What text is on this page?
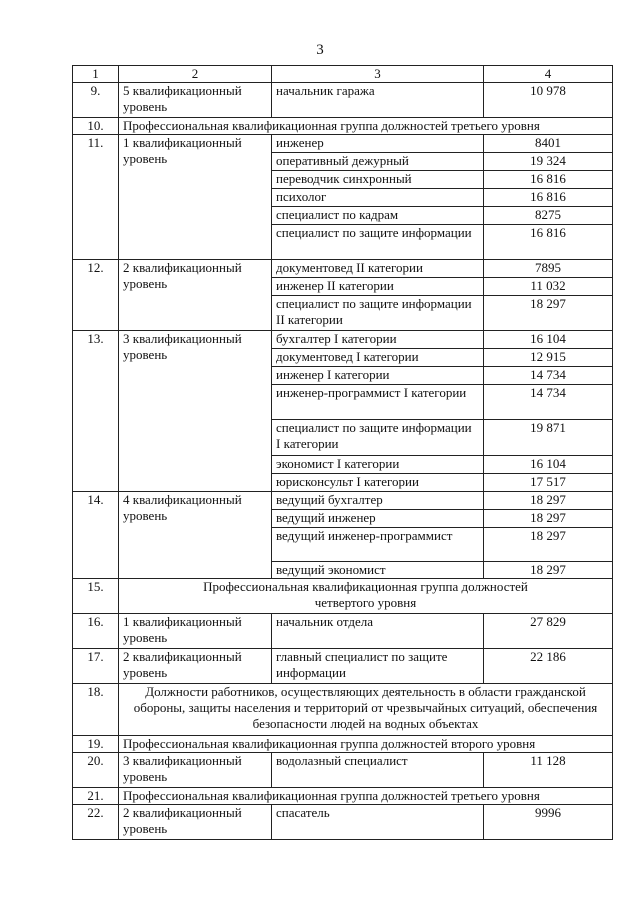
3
1	2	3	4
9.	5 квалификационный уровень	начальник гаража	10 978
10.	Профессиональная квалификационная группа должностей третьего уровня		
11.	1 квалификационный уровень	инженер	8401
		оперативный дежурный	19 324
		переводчик синхронный	16 816
		психолог	16 816
		специалист по кадрам	8275
		специалист по защите информации	16 816
12.	2 квалификационный уровень	документовед II категории	7895
		инженер II категории	11 032
		специалист по защите информации II категории	18 297
13.	3 квалификационный уровень	бухгалтер I категории	16 104
		документовед I категории	12 915
		инженер I категории	14 734
		инженер-программист I категории	14 734
		специалист по защите информации I категории	19 871
		экономист I категории	16 104
		юрисконсульт I категории	17 517
14.	4 квалификационный уровень	ведущий бухгалтер	18 297
		ведущий инженер	18 297
		ведущий инженер-программист	18 297
		ведущий экономист	18 297
15.	Профессиональная квалификационная группа должностей четвертого уровня		
16.	1 квалификационный уровень	начальник отдела	27 829
17.	2 квалификационный уровень	главный специалист по защите информации	22 186
18.	Должности работников, осуществляющих деятельность в области гражданской обороны, защиты населения и территорий от чрезвычайных ситуаций, обеспечения безопасности людей на водных объектах		
19.	Профессиональная квалификационная группа должностей второго уровня		
20.	3 квалификационный уровень	водолазный специалист	11 128
21.	Профессиональная квалификационная группа должностей третьего уровня		
22.	2 квалификационный уровень	спасатель	9996
